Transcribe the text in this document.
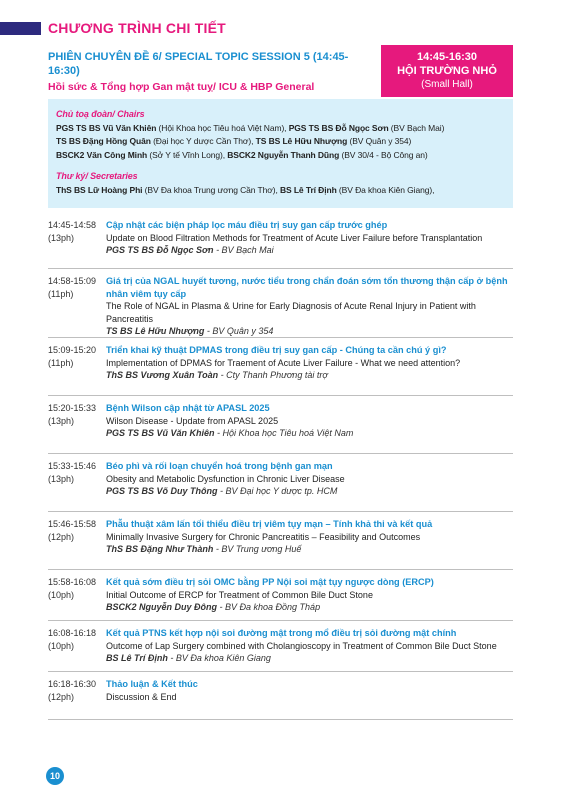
CHƯƠNG TRÌNH CHI TIẾT
PHIÊN CHUYÊN ĐỀ 6/ SPECIAL TOPIC SESSION 5 (14:45-16:30)
Hồi sức & Tổng hợp Gan mật tuỵ/ ICU & HBP General
14:45-16:30
HỘI TRƯỜNG NHỎ
(Small Hall)
Chủ toạ đoàn/ Chairs
PGS TS BS Vũ Văn Khiên (Hội Khoa học Tiêu hoá Việt Nam), PGS TS BS Đỗ Ngọc Sơn (BV Bạch Mai)
TS BS Đặng Hồng Quân (Đại học Y dược Cần Thơ), TS BS Lê Hữu Nhượng (BV Quân y 354)
BSCK2 Văn Công Minh (Sở Y tế Vĩnh Long), BSCK2 Nguyễn Thanh Dũng (BV 30/4 - Bộ Công an)
Thư ký/ Secretaries
ThS BS Lữ Hoàng Phi (BV Đa khoa Trung ương Cần Thơ), BS Lê Trí Định (BV Đa khoa Kiên Giang),
14:45-14:58
(13ph)
Cập nhật các biện pháp lọc máu điều trị suy gan cấp trước ghép
Update on Blood Filtration Methods for Treatment of Acute Liver Failure before Transplantation
PGS TS BS Đỗ Ngọc Sơn - BV Bạch Mai
14:58-15:09
(11ph)
Giá trị của NGAL huyết tương, nước tiểu trong chẩn đoán sớm tổn thương thận cấp ở bệnh nhân viêm tụy cấp
The Role of NGAL in Plasma & Urine for Early Diagnosis of Acute Renal Injury in Patient with Pancreatitis
TS BS Lê Hữu Nhượng - BV Quân y 354
15:09-15:20
(11ph)
Triển khai kỹ thuật DPMAS trong điều trị suy gan cấp - Chúng ta cần chú ý gì?
Implementation of DPMAS for Traement of Acute Liver Failure - What we need attention?
ThS BS Vương Xuân Toàn - Cty Thanh Phương tài trợ
15:20-15:33
(13ph)
Bệnh Wilson cập nhật từ APASL 2025
Wilson Disease - Update from APASL 2025
PGS TS BS Vũ Văn Khiên - Hội Khoa học Tiêu hoá Việt Nam
15:33-15:46
(13ph)
Béo phì và rối loạn chuyển hoá trong bệnh gan mạn
Obesity and Metabolic Dysfunction in Chronic Liver Disease
PGS TS BS Võ Duy Thông - BV Đại học Y dược tp. HCM
15:46-15:58
(12ph)
Phẫu thuật xâm lấn tối thiểu điều trị viêm tụy mạn – Tính khả thi và kết quả
Minimally Invasive Surgery for Chronic Pancreatitis – Feasibility and Outcomes
ThS BS Đặng Như Thành - BV Trung ương Huế
15:58-16:08
(10ph)
Kết quả sớm điều trị sỏi OMC bằng PP Nội soi mật tụy ngược dòng (ERCP)
Initial Outcome of ERCP for Treatment of Common Bile Duct Stone
BSCK2 Nguyễn Duy Đông - BV Đa khoa Đồng Tháp
16:08-16:18
(10ph)
Kết quả PTNS kết hợp nội soi đường mật trong mổ điều trị sỏi đường mật chính
Outcome of Lap Surgery combined with Cholangioscopy in Treatment of Common Bile Duct Stone
BS Lê Trí Định - BV Đa khoa Kiên Giang
16:18-16:30
(12ph)
Thảo luận & Kết thúc
Discussion & End
10
